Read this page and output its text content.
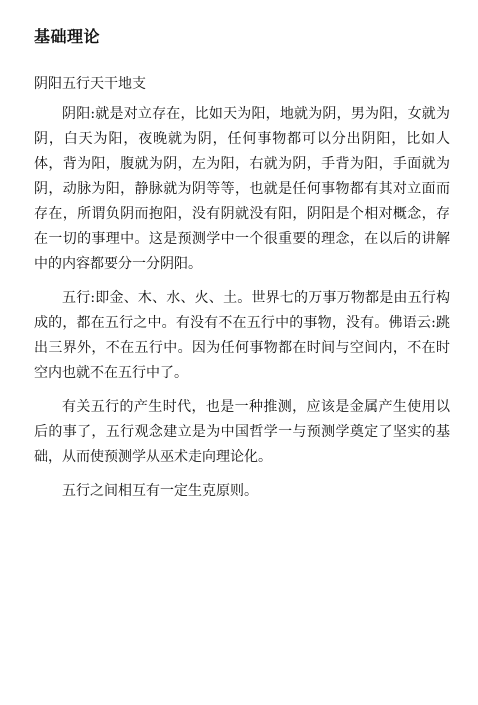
基础理论
阴阳五行天干地支

阴阳:就是对立存在，比如天为阳，地就为阴，男为阳，女就为阴，白天为阳，夜晚就为阴，任何事物都可以分出阴阳，比如人体，背为阳，腹就为阴，左为阳，右就为阴，手背为阳，手面就为阴，动脉为阳，静脉就为阴等等，也就是任何事物都有其对立面而存在，所谓负阴而抱阳，没有阴就没有阳，阴阳是个相对概念，存在一切的事理中。这是预测学中一个很重要的理念，在以后的讲解中的内容都要分一分阴阳。

五行:即金、木、水、火、土。世界七的万事万物都是由五行构成的，都在五行之中。有没有不在五行中的事物，没有。佛语云:跳出三界外，不在五行中。因为任何事物都在时间与空间内，不在时空内也就不在五行中了。

有关五行的产生时代，也是一种推测，应该是金属产生使用以后的事了，五行观念建立是为中国哲学一与预测学奠定了坚实的基础，从而使预测学从巫术走向理论化。

五行之间相互有一定生克原则。
